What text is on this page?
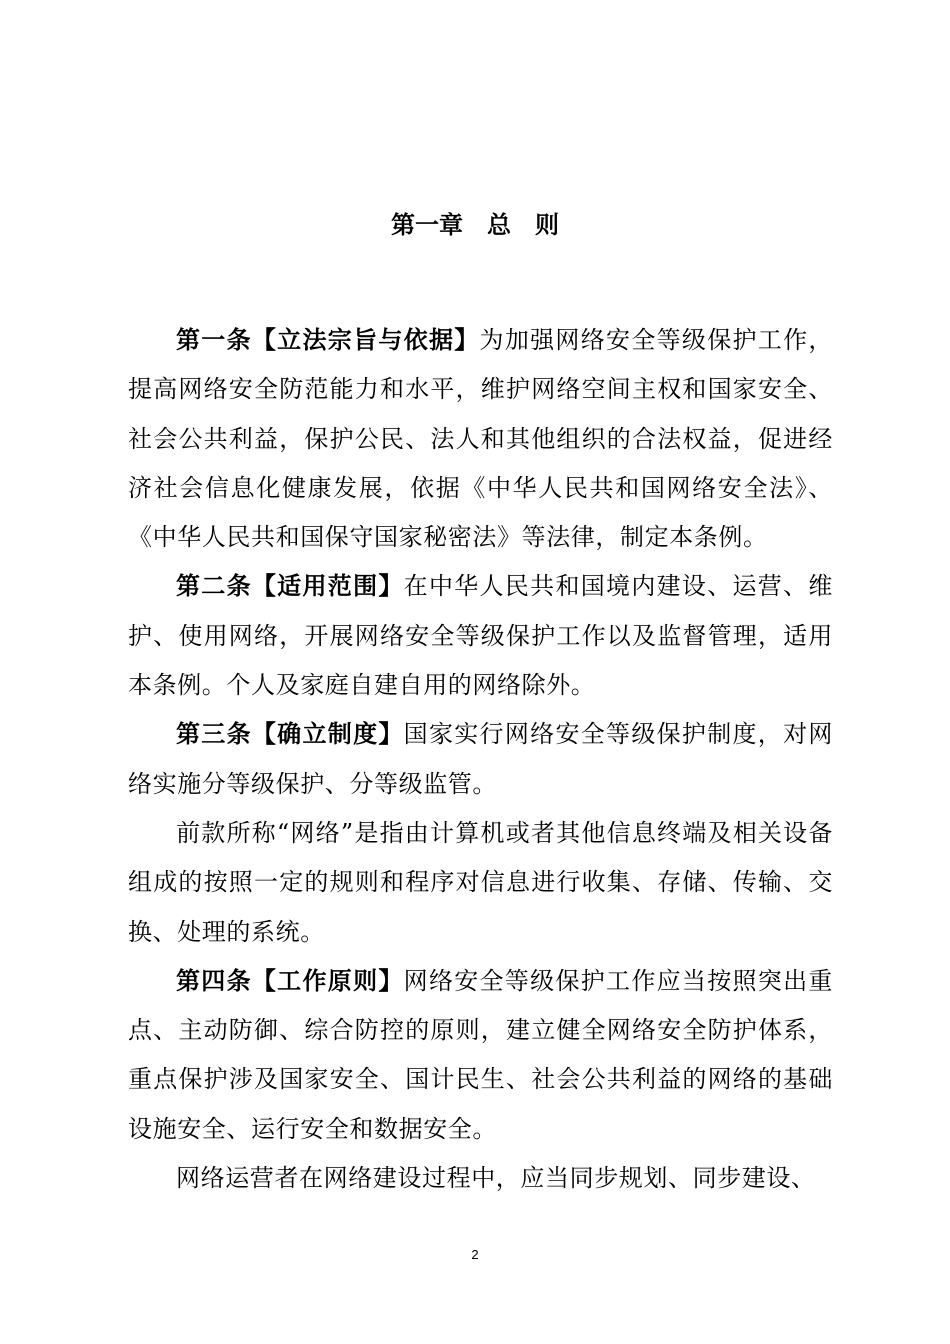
第一章　总　则

第一条【立法宗旨与依据】为加强网络安全等级保护工作，提高网络安全防范能力和水平，维护网络空间主权和国家安全、社会公共利益，保护公民、法人和其他组织的合法权益，促进经济社会信息化健康发展，依据《中华人民共和国网络安全法》、《中华人民共和国保守国家秘密法》等法律，制定本条例。

第二条【适用范围】在中华人民共和国境内建设、运营、维护、使用网络，开展网络安全等级保护工作以及监督管理，适用本条例。个人及家庭自建自用的网络除外。

第三条【确立制度】国家实行网络安全等级保护制度，对网络实施分等级保护、分等级监管。

前款所称“网络”是指由计算机或者其他信息终端及相关设备组成的按照一定的规则和程序对信息进行收集、存储、传输、交换、处理的系统。

第四条【工作原则】网络安全等级保护工作应当按照突出重点、主动防御、综合防控的原则，建立健全网络安全防护体系，重点保护涉及国家安全、国计民生、社会公共利益的网络的基础设施安全、运行安全和数据安全。

网络运营者在网络建设过程中，应当同步规划、同步建设、

2
